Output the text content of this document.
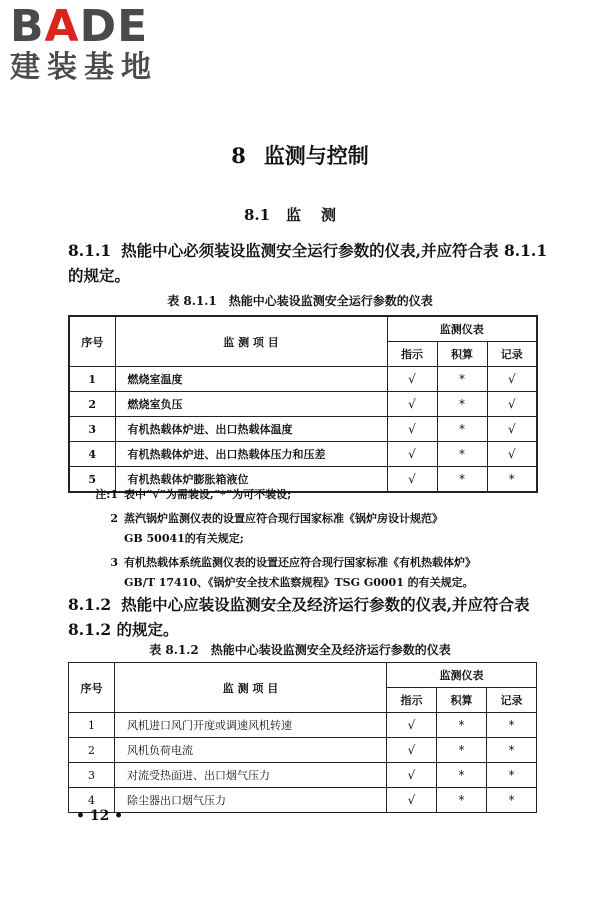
BADE
建装基地
8 监测与控制
8.1 监测
8.1.1 热能中心必须装设监测安全运行参数的仪表,并应符合表 8.1.1 的规定。
表 8.1.1 热能中心装设监测安全运行参数的仪表
序号	监 测 项 目	监测仪表		
		指示	积算	记录
1	燃烧室温度	√	*	√
2	燃烧室负压	√	*	√
3	有机热载体炉进、出口热载体温度	√	*	√
4	有机热载体炉进、出口热载体压力和压差	√	*	√
5	有机热载体炉膨胀箱液位	√	*	*
注:1 表中“√”为需装设,“*”为可不装设;
2 蒸汽锅炉监测仪表的设置应符合现行国家标准《锅炉房设计规范》
GB 50041的有关规定;
3 有机热载体系统监测仪表的设置还应符合现行国家标准《有机热载体炉》
GB/T 17410、《锅炉安全技术监察规程》TSG G0001 的有关规定。
8.1.2 热能中心应装设监测安全及经济运行参数的仪表,并应符合表 8.1.2 的规定。
表 8.1.2 热能中心装设监测安全及经济运行参数的仪表
序号	监 测 项 目	监测仪表		
		指示	积算	记录
1	风机进口风门开度或调速风机转速	√	*	*
2	风机负荷电流	√	*	*
3	对流受热面进、出口烟气压力	√	*	*
4	除尘器出口烟气压力	√	*	*
• 12 •
